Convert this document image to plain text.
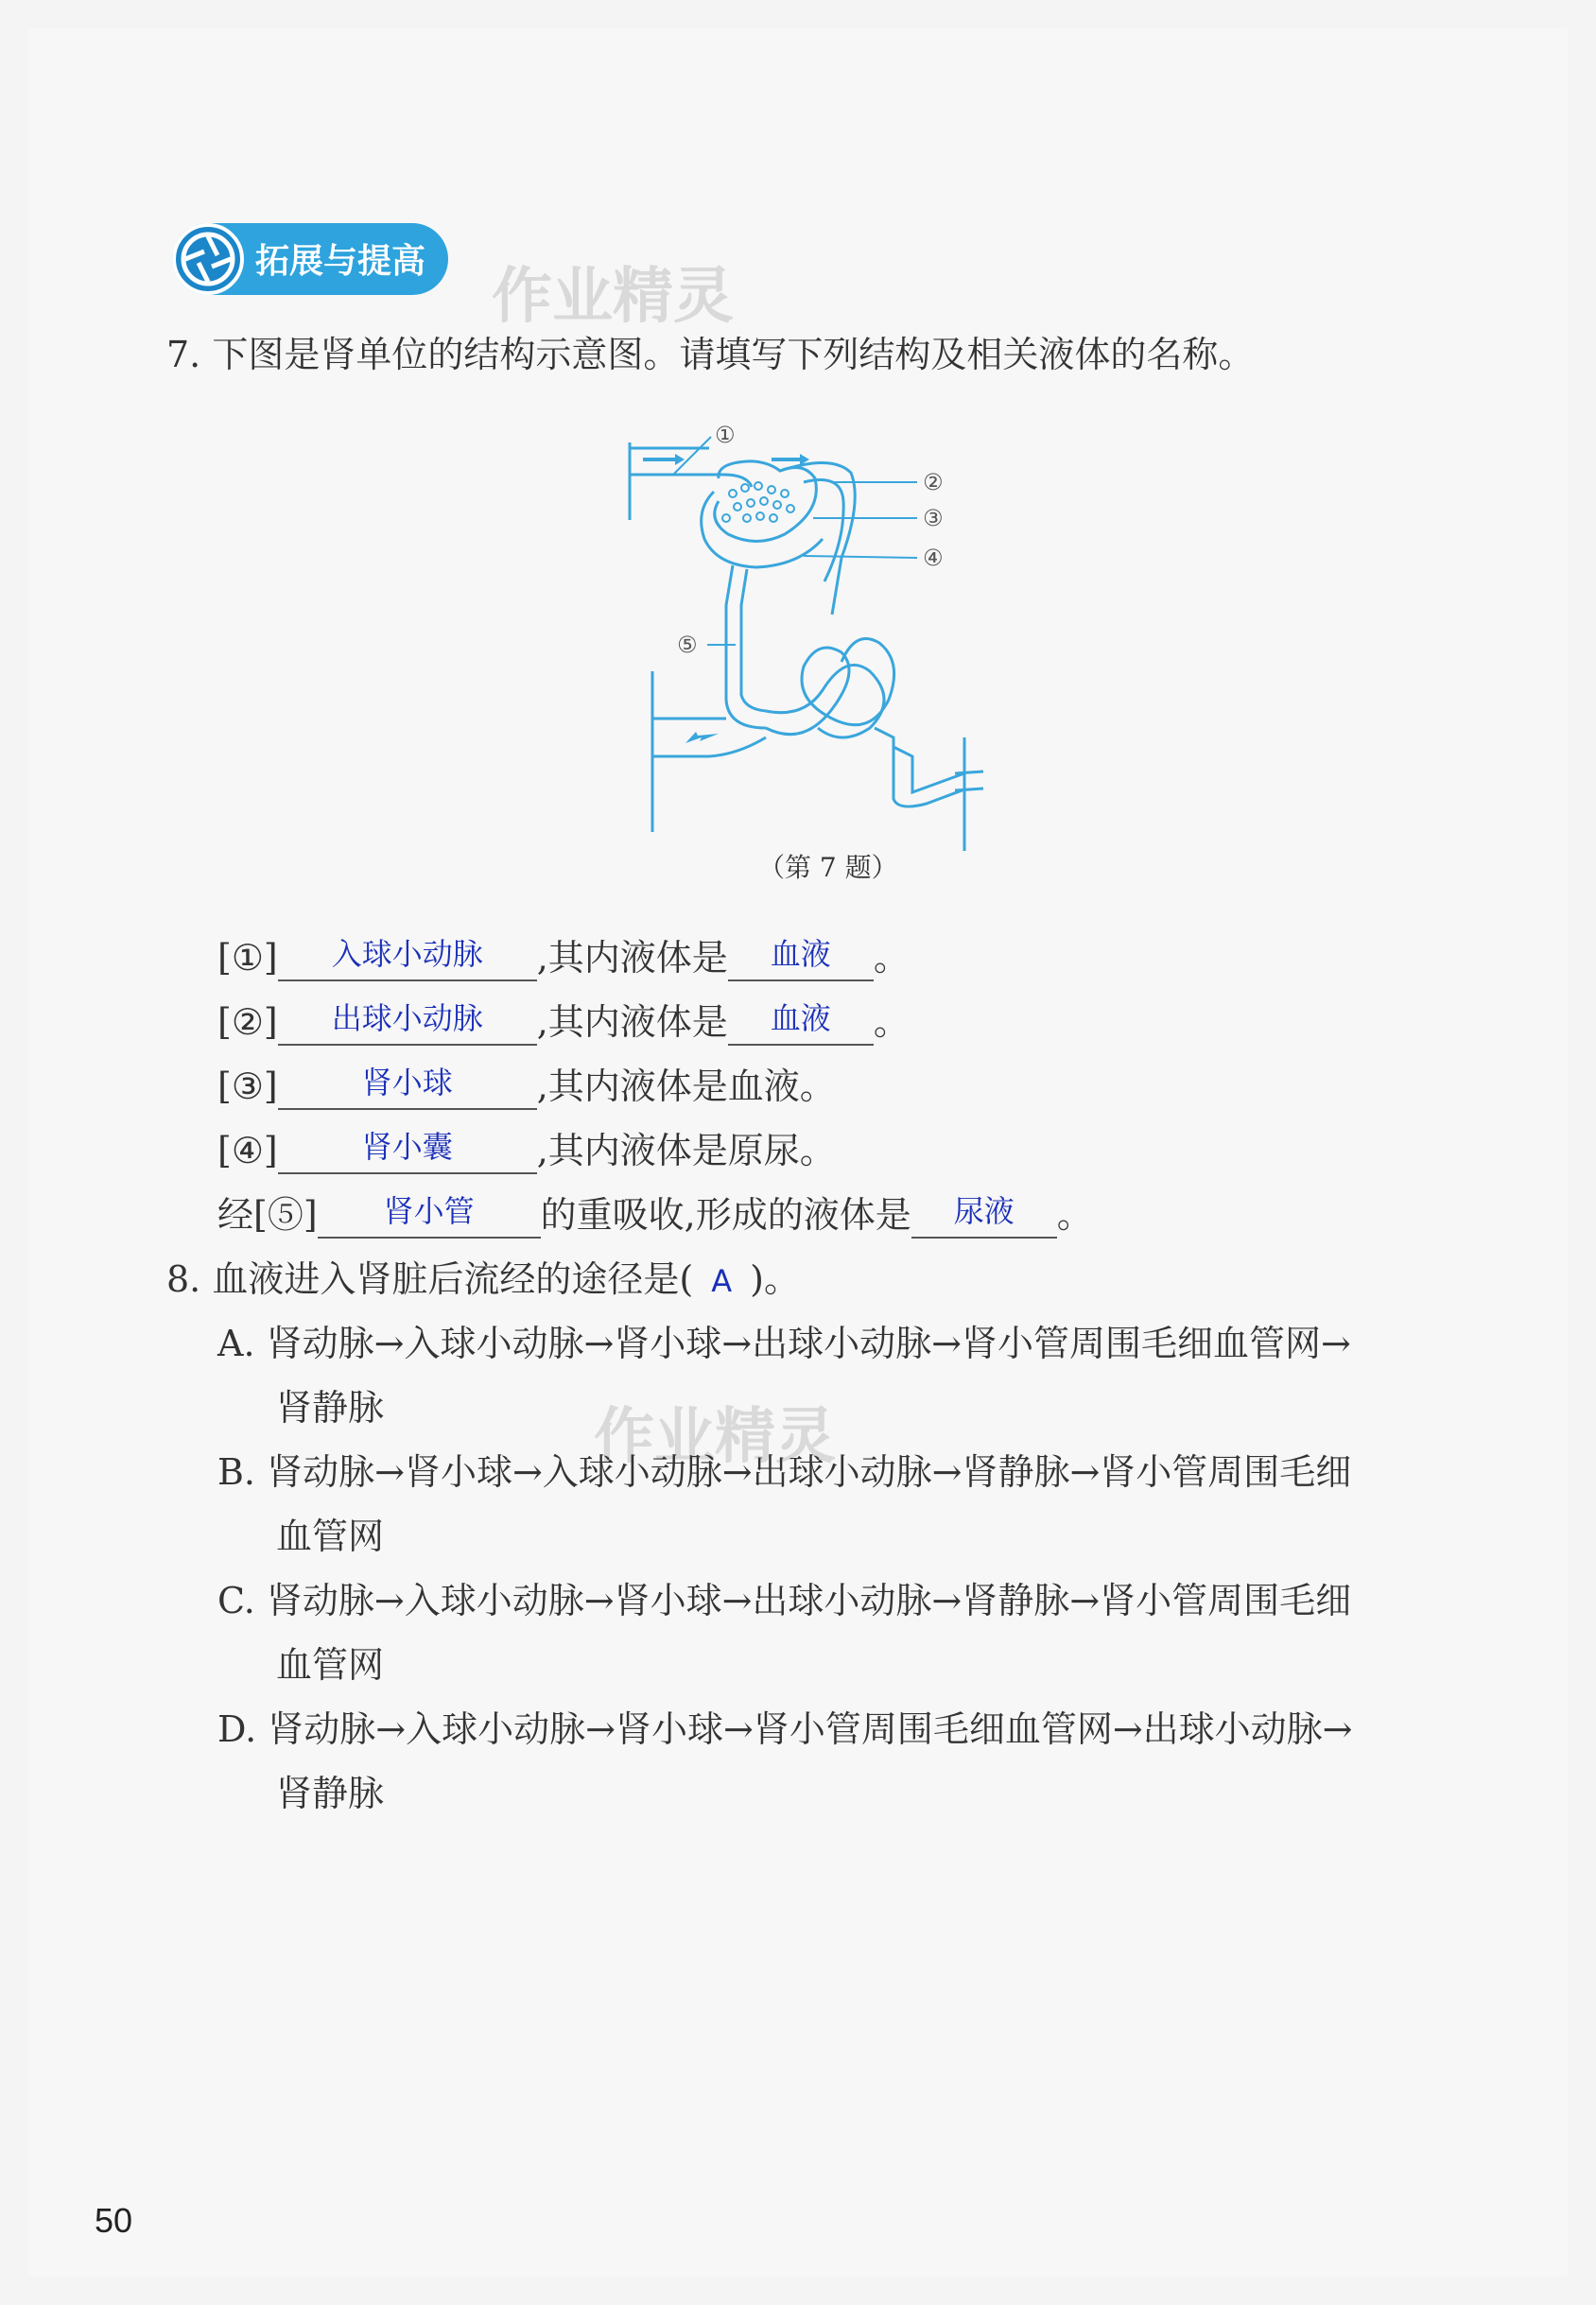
拓展与提高
作业精灵
作业精灵
7. 下图是肾单位的结构示意图。请填写下列结构及相关液体的名称。
①
②
③
④
⑤
（第 7 题）
[①]	入球小动脉	,其内液体是	血液	。
[②]	出球小动脉	,其内液体是	血液	。
[③]	肾小球	,其内液体是血液。
[④]	肾小囊	,其内液体是原尿。
经[⑤]	肾小管	的重吸收,形成的液体是	尿液	。
8. 血液进入肾脏后流经的途径是( A )。
A. 肾动脉→入球小动脉→肾小球→出球小动脉→肾小管周围毛细血管网→
肾静脉
B. 肾动脉→肾小球→入球小动脉→出球小动脉→肾静脉→肾小管周围毛细
血管网
C. 肾动脉→入球小动脉→肾小球→出球小动脉→肾静脉→肾小管周围毛细
血管网
D. 肾动脉→入球小动脉→肾小球→肾小管周围毛细血管网→出球小动脉→
肾静脉
50
